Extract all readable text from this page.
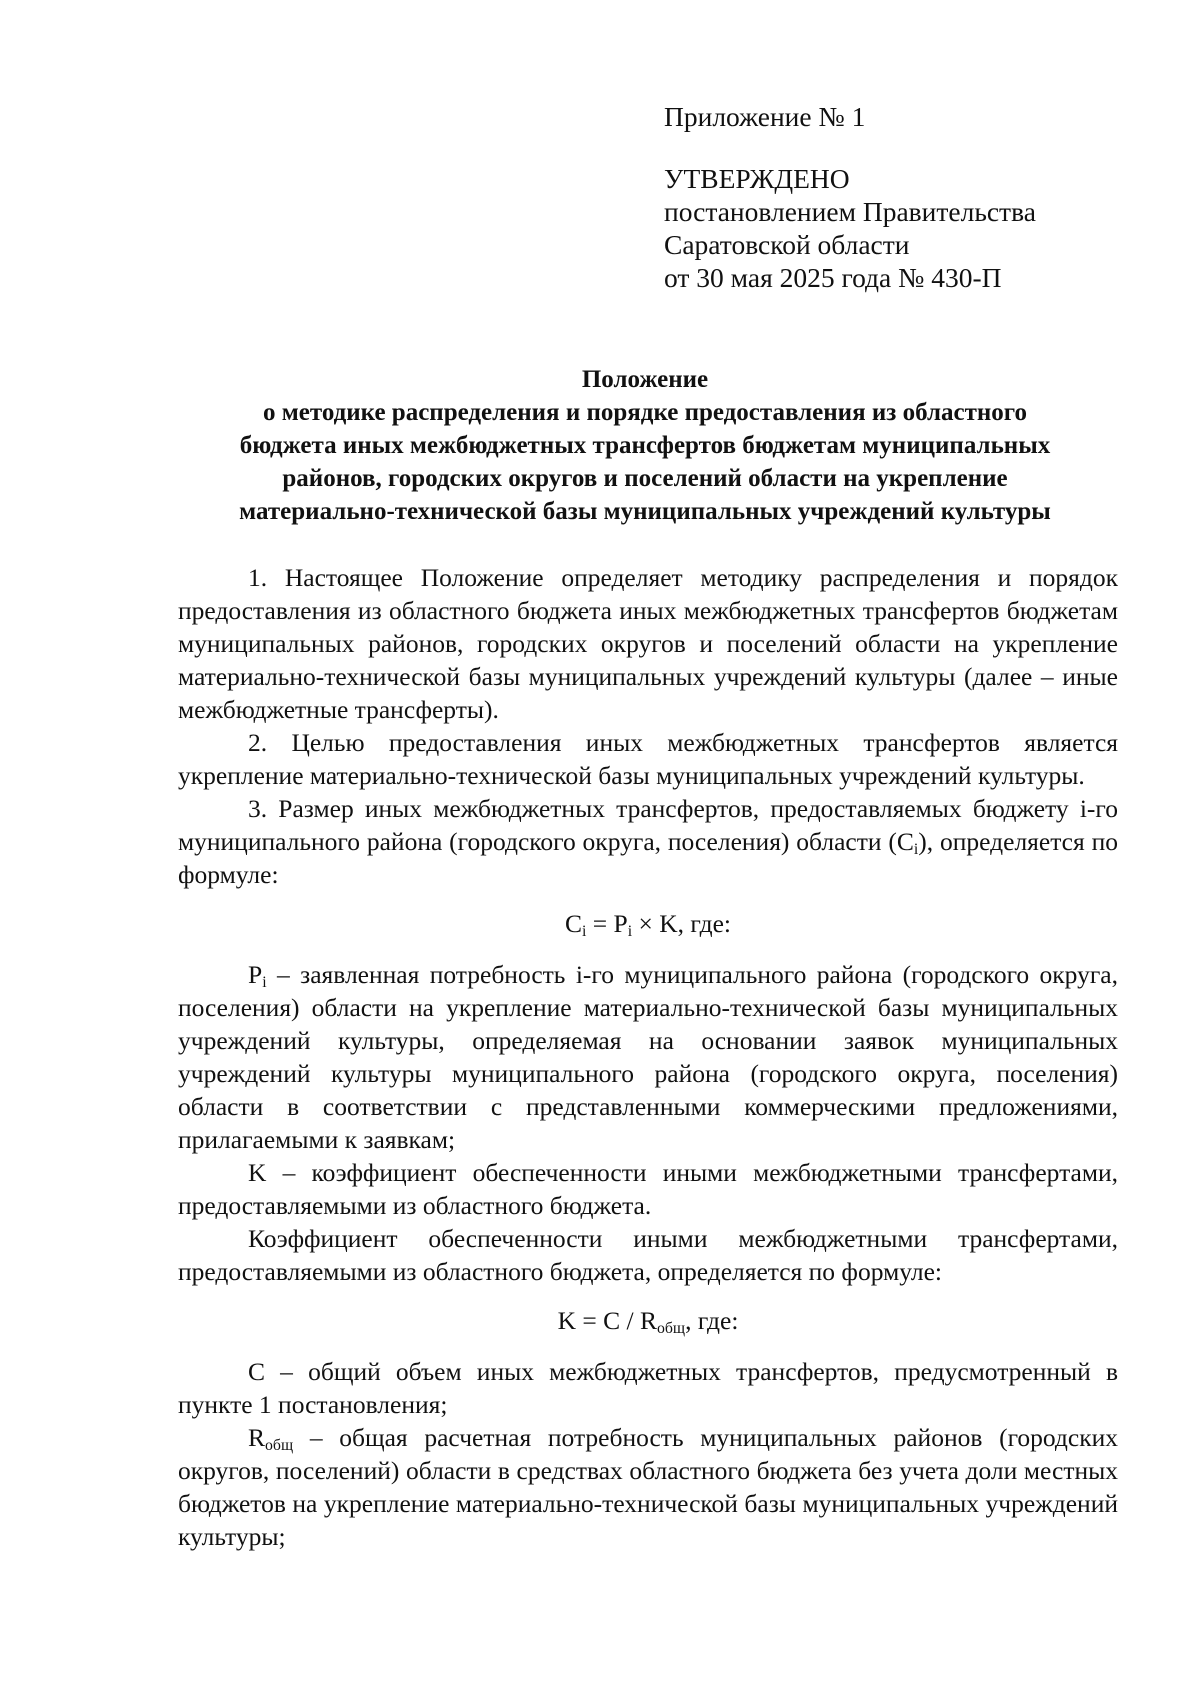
Приложение № 1
УТВЕРЖДЕНО
постановлением Правительства
Саратовской области
от 30 мая 2025 года № 430-П
Положение
о методике распределения и порядке предоставления из областного
бюджета иных межбюджетных трансфертов бюджетам муниципальных
районов, городских округов и поселений области на укрепление
материально-технической базы муниципальных учреждений культуры

1. Настоящее Положение определяет методику распределения и порядок предоставления из областного бюджета иных межбюджетных трансфертов бюджетам муниципальных районов, городских округов и поселений области на укрепление материально-технической базы муниципальных учреждений культуры (далее – иные межбюджетные трансферты).

2. Целью предоставления иных межбюджетных трансфертов является укрепление материально-технической базы муниципальных учреждений культуры.

3. Размер иных межбюджетных трансфертов, предоставляемых бюджету i-го муниципального района (городского округа, поселения) области $(C_i)$, определяется по формуле:

$C_i = P_i \times K$, где:

$P_i$ – заявленная потребность i-го муниципального района (городского округа, поселения) области на укрепление материально-технической базы муниципальных учреждений культуры, определяемая на основании заявок муниципальных учреждений культуры муниципального района (городского округа, поселения) области в соответствии с представленными коммерческими предложениями, прилагаемыми к заявкам;

K – коэффициент обеспеченности иными межбюджетными трансфертами, предоставляемыми из областного бюджета.

Коэффициент обеспеченности иными межбюджетными трансфертами, предоставляемыми из областного бюджета, определяется по формуле:

$K = C / R_{общ}$, где:

C – общий объем иных межбюджетных трансфертов, предусмотренный в пункте 1 постановления;

$R_{общ}$ – общая расчетная потребность муниципальных районов (городских округов, поселений) области в средствах областного бюджета без учета доли местных бюджетов на укрепление материально-технической базы муниципальных учреждений культуры;
